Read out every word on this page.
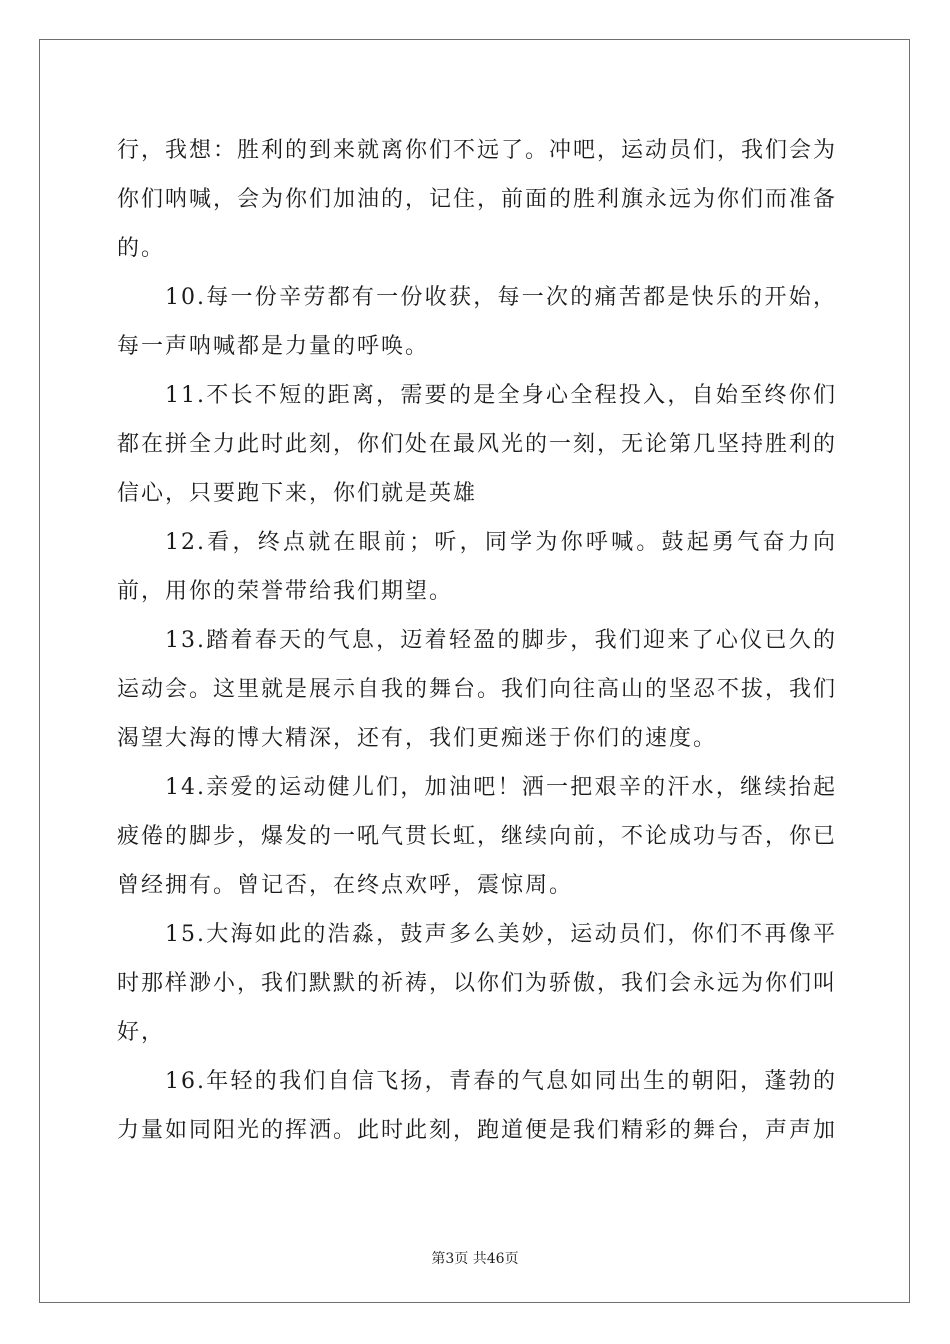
行，我想：胜利的到来就离你们不远了。冲吧，运动员们，我们会为你们呐喊，会为你们加油的，记住，前面的胜利旗永远为你们而准备的。

10.每一份辛劳都有一份收获，每一次的痛苦都是快乐的开始，每一声呐喊都是力量的呼唤。

11.不长不短的距离，需要的是全身心全程投入，自始至终你们都在拼全力此时此刻，你们处在最风光的一刻，无论第几坚持胜利的信心，只要跑下来，你们就是英雄

12.看，终点就在眼前；听，同学为你呼喊。鼓起勇气奋力向前，用你的荣誉带给我们期望。

13.踏着春天的气息，迈着轻盈的脚步，我们迎来了心仪已久的运动会。这里就是展示自我的舞台。我们向往高山的坚忍不拔，我们渴望大海的博大精深，还有，我们更痴迷于你们的速度。

14.亲爱的运动健儿们，加油吧！洒一把艰辛的汗水，继续抬起疲倦的脚步，爆发的一吼气贯长虹，继续向前，不论成功与否，你已曾经拥有。曾记否，在终点欢呼，震惊周。

15.大海如此的浩淼，鼓声多么美妙，运动员们，你们不再像平时那样渺小，我们默默的祈祷，以你们为骄傲，我们会永远为你们叫好，

16.年轻的我们自信飞扬，青春的气息如同出生的朝阳，蓬勃的力量如同阳光的挥洒。此时此刻，跑道便是我们精彩的舞台，声声加

第3页 共46页
